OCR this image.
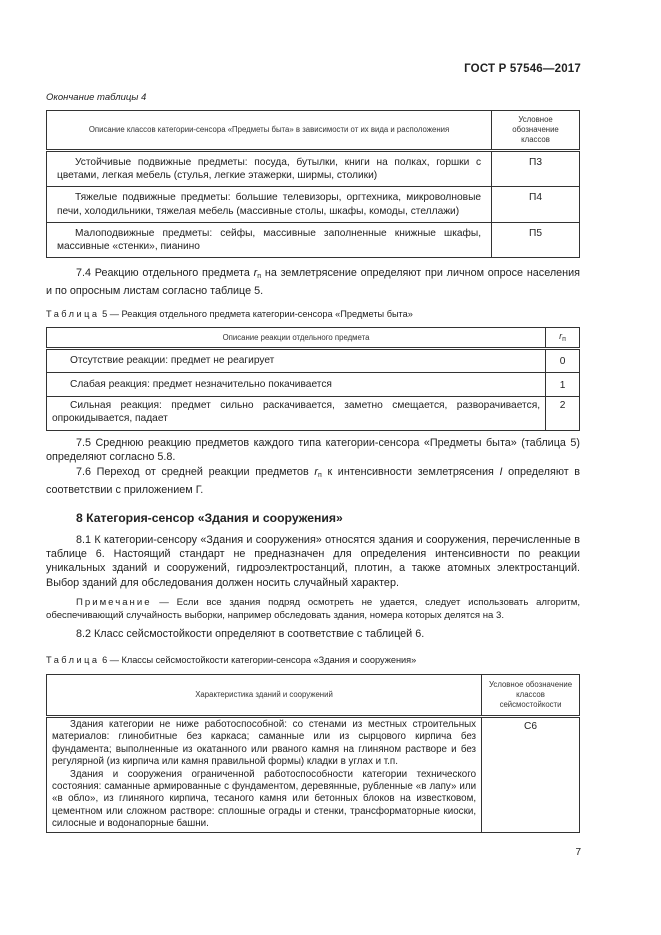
ГОСТ Р 57546—2017
Окончание таблицы 4
Описание классов категории-сенсора «Предметы быта» в зависимости от их вида и расположения	Условное обозначение классов
Устойчивые подвижные предметы: посуда, бутылки, книги на полках, горшки с цветами, легкая мебель (стулья, легкие этажерки, ширмы, столики)	П3
Тяжелые подвижные предметы: большие телевизоры, оргтехника, микроволновые печи, холодильники, тяжелая мебель (массивные столы, шкафы, комоды, стеллажи)	П4
Малоподвижные предметы: сейфы, массивные заполненные книжные шкафы, массивные «стенки», пианино	П5
7.4 Реакцию отдельного предмета rп на землетрясение определяют при личном опросе населения и по опросным листам согласно таблице 5.
Таблица 5 — Реакция отдельного предмета категории-сенсора «Предметы быта»
Описание реакции отдельного предмета	rп
Отсутствие реакции: предмет не реагирует	0
Слабая реакция: предмет незначительно покачивается	1
Сильная реакция: предмет сильно раскачивается, заметно смещается, разворачивается, опрокидывается, падает	2
7.5 Среднюю реакцию предметов каждого типа категории-сенсора «Предметы быта» (таблица 5) определяют согласно 5.8.
7.6 Переход от средней реакции предметов rп к интенсивности землетрясения I определяют в соответствии с приложением Г.
8 Категория-сенсор «Здания и сооружения»
8.1 К категории-сенсору «Здания и сооружения» относятся здания и сооружения, перечисленные в таблице 6. Настоящий стандарт не предназначен для определения интенсивности по реакции уникальных зданий и сооружений, гидроэлектростанций, плотин, а также атомных электростанций. Выбор зданий для обследования должен носить случайный характер.
Примечание — Если все здания подряд осмотреть не удается, следует использовать алгоритм, обеспечивающий случайность выборки, например обследовать здания, номера которых делятся на 3.
8.2 Класс сейсмостойкости определяют в соответствие с таблицей 6.
Таблица 6 — Классы сейсмостойкости категории-сенсора «Здания и сооружения»
Характеристика зданий и сооружений	Условное обозначение классов сейсмостойкости

Здания категории не ниже работоспособной: со стенами из местных строительных материалов: глинобитные без каркаса; саманные или из сырцового кирпича без фундамента; выполненные из окатанного или рваного камня на глиняном растворе и без регулярной (из кирпича или камня правильной формы) кладки в углах и т.п.

Здания и сооружения ограниченной работоспособности категории технического состояния: саманные армированные с фундаментом, деревянные, рубленные «в лапу» или «в обло», из глиняного кирпича, тесаного камня или бетонных блоков на известковом, цементном или сложном растворе: сплошные ограды и стенки, трансформаторные киоски, силосные и водонапорные башни.	С6
7
